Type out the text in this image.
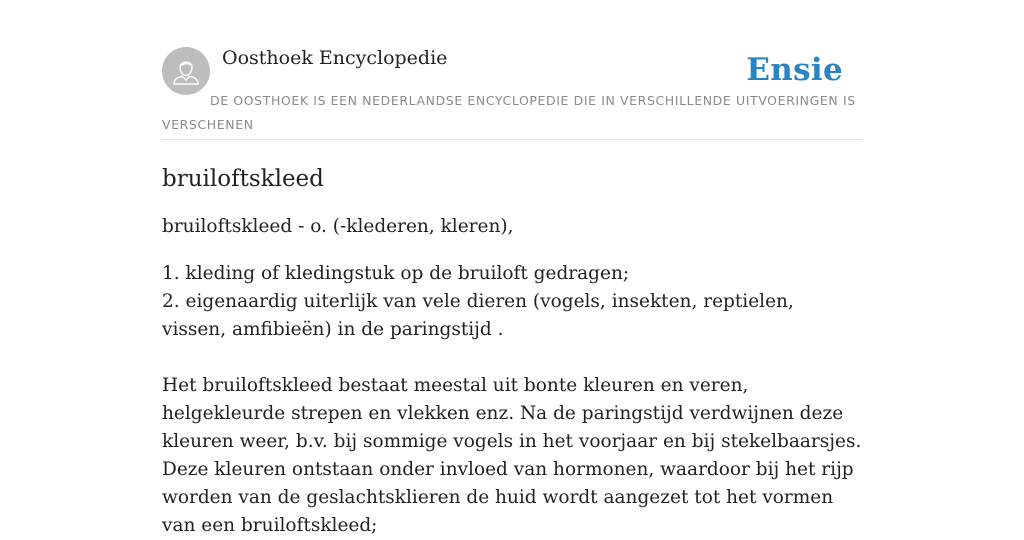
Oosthoek Encyclopedie	Ensie
DE OOSTHOEK IS EEN NEDERLANDSE ENCYCLOPEDIE DIE IN VERSCHILLENDE UITVOERINGEN IS VERSCHENEN
bruiloftskleed

bruiloftskleed - o. (-klederen, kleren),

1. kleding of kledingstuk op de bruiloft gedragen;

2. eigenaardig uiterlijk van vele dieren (vogels, insekten, reptielen, vissen, amfibieën) in de paringstijd .

Het bruiloftskleed bestaat meestal uit bonte kleuren en veren, helgekleurde strepen en vlekken enz. Na de paringstijd verdwijnen deze kleuren weer, b.v. bij sommige vogels in het voorjaar en bij stekelbaarsjes. Deze kleuren ontstaan onder invloed van hormonen, waardoor bij het rijp worden van de geslachtsklieren de huid wordt aangezet tot het vormen van een bruiloftskleed;
